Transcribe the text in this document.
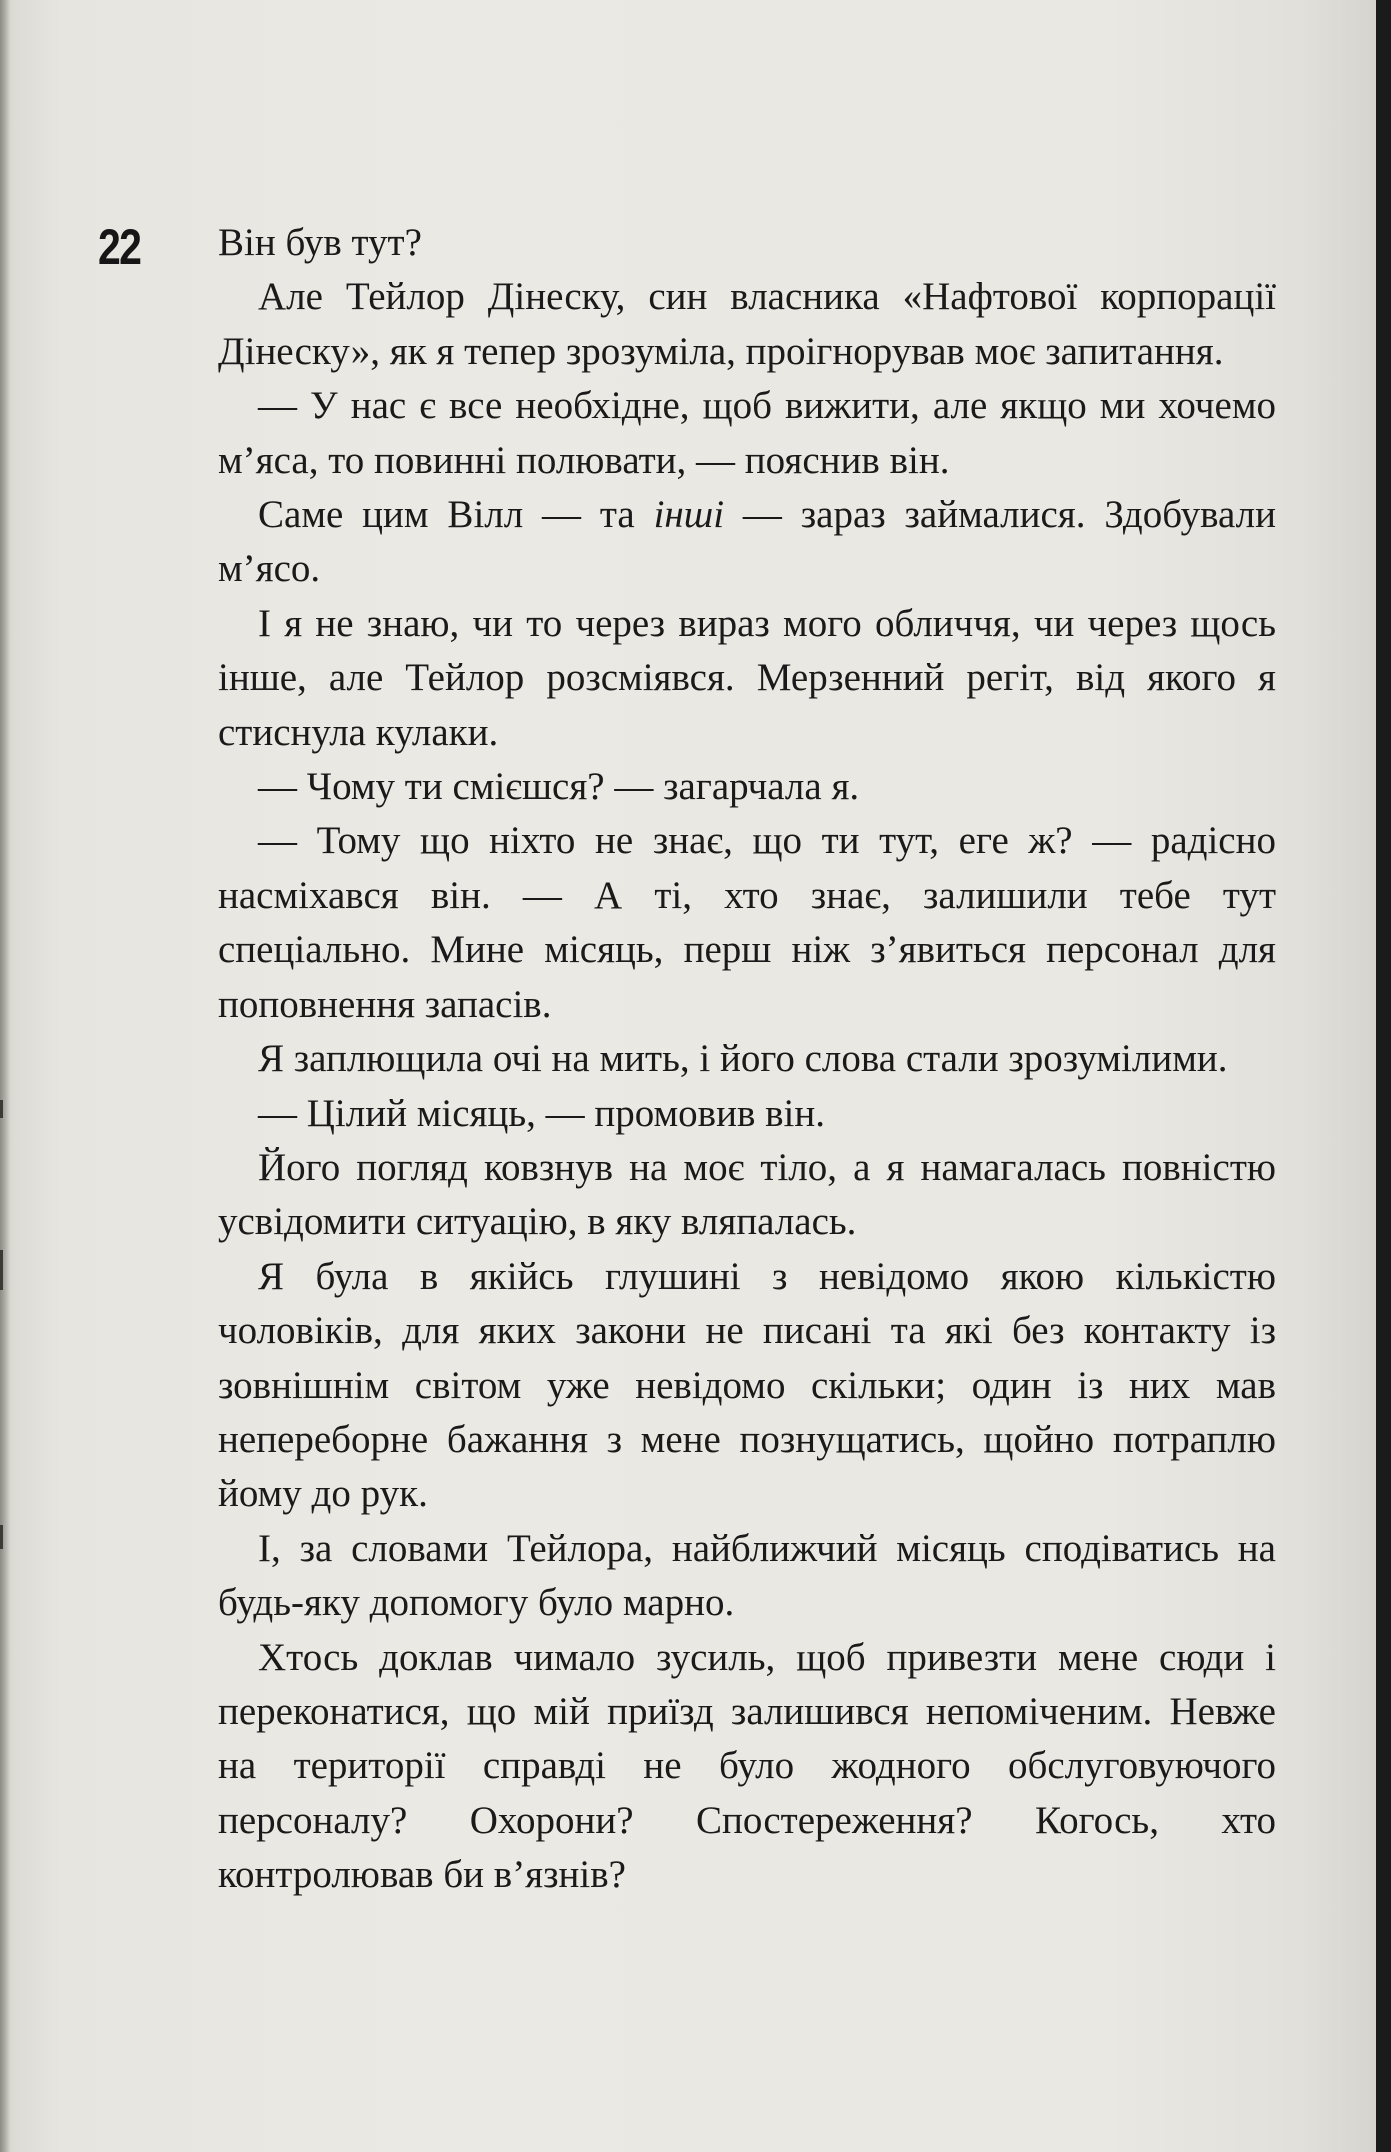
22 Він був тут?

Але Тейлор Дінеску, син власника «Нафтової корпорації Дінеску», як я тепер зрозуміла, проігнорував моє запитання.

— У нас є все необхідне, щоб вижити, але якщо ми хочемо м’яса, то повинні полювати, — пояснив він.

Саме цим Вілл — та інші — зараз займалися. Здобували м’ясо.

І я не знаю, чи то через вираз мого обличчя, чи через щось інше, але Тейлор розсміявся. Мерзенний регіт, від якого я стиснула кулаки.

— Чому ти смієшся? — загарчала я.

— Тому що ніхто не знає, що ти тут, еге ж? — радісно насміхався він. — А ті, хто знає, залишили тебе тут спеціально. Мине місяць, перш ніж з’явиться персонал для поповнення запасів.

Я заплющила очі на мить, і його слова стали зрозумілими.

— Цілий місяць, — промовив він.

Його погляд ковзнув на моє тіло, а я намагалась повністю усвідомити ситуацію, в яку вляпалась.

Я була в якійсь глушині з невідомо якою кількістю чоловіків, для яких закони не писані та які без контакту із зовнішнім світом уже невідомо скільки; один із них мав непереборне бажання з мене познущатись, щойно потраплю йому до рук.

І, за словами Тейлора, найближчий місяць сподіватись на будь-яку допомогу було марно.

Хтось доклав чимало зусиль, щоб привезти мене сюди і переконатися, що мій приїзд залишився непоміченим. Невже на території справді не було жодного обслуговуючого персоналу? Охорони? Спостереження? Когось, хто контролював би в’язнів?
